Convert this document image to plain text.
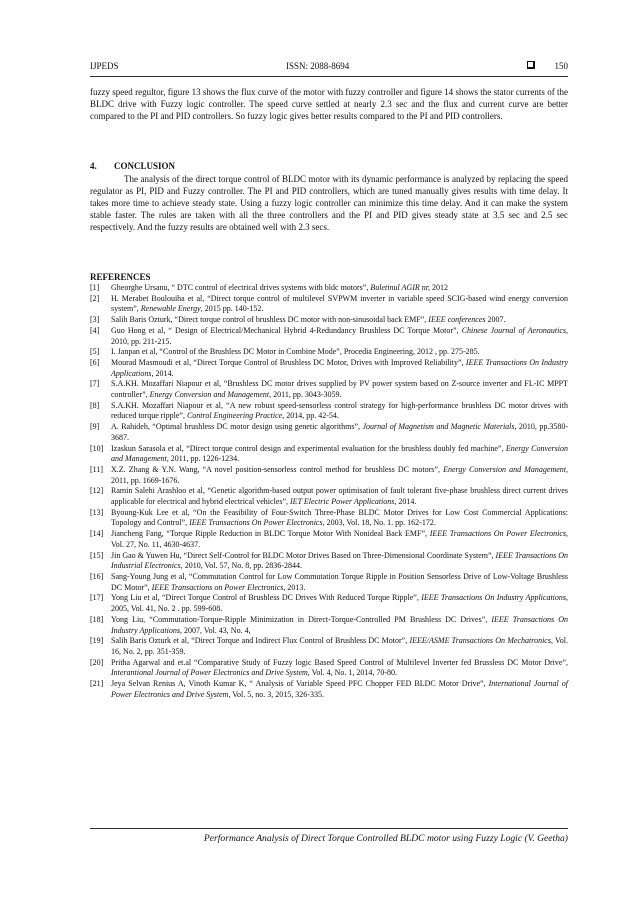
IJPEDS	ISSN: 2088-8694	150

fuzzy speed regultor, figure 13 shows the flux curve of the motor with fuzzy controller and figure 14 shows the stator currents of the BLDC drive with Fuzzy logic controller. The speed curve settled at nearly 2.3 sec and the flux and current curve are better compared to the PI and PID controllers. So fuzzy logic gives better results compared to the PI and PID controllers.

4. CONCLUSION

The analysis of the direct torque control of BLDC motor with its dynamic performance is analyzed by replacing the speed regulator as PI, PID and Fuzzy controller. The PI and PID controllers, which are tuned manually gives results with time delay. It takes more time to achieve steady state. Using a fuzzy logic controller can minimize this time delay. And it can make the system stable faster. The rules are taken with all the three controllers and the PI and PID gives steady state at 3.5 sec and 2.5 sec respectively. And the fuzzy results are obtained well with 2.3 secs.

REFERENCES
[1] Gheorghe Ursanu, “ DTC control of electrical drives systems with bldc motors”, Buletinul AGIR nr, 2012
[2] H. Merabet Boulouiha et al, “Direct torque control of multilevel SVPWM inverter in variable speed SCIG-based wind energy conversion system”, Renewable Energy, 2015 pp. 140-152.
[3] Salih Baris Ozturk, “Direct torque control of brushless DC motor with non-sinusoidal back EMF”, IEEE conferences 2007.
[4] Guo Hong et al, “ Design of Electrical/Mechanical Hybrid 4-Redundancy Brushless DC Torque Motor”, Chinese Journal of Aeronautics, 2010, pp. 211-215.
[5] I. Janpan et al, “Control of the Brushless DC Motor in Combine Mode”, Procedia Engineering, 2012 , pp. 275-285.
[6] Mourad Masmoudi et al, “Direct Torque Control of Brushless DC Motor, Drives with Improved Reliability”, IEEE Transactions On Industry Applications, 2014.
[7] S.A.KH. Mozaffari Niapour et al, “Brushless DC motor drives supplied by PV power system based on Z-source inverter and FL-IC MPPT controller”, Energy Conversion and Management, 2011, pp. 3043-3059.
[8] S.A.KH. Mozaffari Niapour et al, “A new robust speed-sensorless control strategy for high-performance brushless DC motor drives with reduced torque ripple”, Control Engineering Practice, 2014, pp. 42-54.
[9] A. Rahideh, “Optimal brushless DC motor design using genetic algorithms”, Journal of Magnetism and Magnetic Materials, 2010, pp.3580-3687.
[10] Izaskun Sarasola et al, “Direct torque control design and experimental evaluation for the brushless doubly fed machine”, Energy Conversion and Management, 2011, pp. 1226-1234.
[11] X.Z. Zhang & Y.N. Wang, “A novel position-sensorless control method for brushless DC motors”, Energy Conversion and Management, 2011, pp. 1669-1676.
[12] Ramin Salehi Arashloo et al, “Genetic algorithm-based output power optimisation of fault tolerant five-phase brushless direct current drives applicable for electrical and hybrid electrical vehicles”, IET Electric Power Applications, 2014.
[13] Byoung-Kuk Lee et al, “On the Feasibility of Four-Switch Three-Phase BLDC Motor Drives for Low Cost Commercial Applications: Topology and Control”, IEEE Transactions On Power Electronics, 2003, Vol. 18, No. 1. pp. 162-172.
[14] Jiancheng Fang, “Torque Ripple Reduction in BLDC Torque Motor With Nonideal Back EMF”, IEEE Transactions On Power Electronics, Vol. 27, No. 11, 4630-4637.
[15] Jin Gao & Yuwen Hu, “Direct Self-Control for BLDC Motor Drives Based on Three-Dimensional Coordinate System”, IEEE Transactions On Industrial Electronics, 2010, Vol. 57, No. 8, pp. 2836-2844.
[16] Sang-Young Jung et al, “Commutation Control for Low Commutation Torque Ripple in Position Sensorless Drive of Low-Voltage Brushless DC Motor”, IEEE Transactions on Power Electronics, 2013.
[17] Yong Liu et al, “Direct Torque Control of Brushless DC Drives With Reduced Torque Ripple”, IEEE Transactions On Industry Applications, 2005, Vol. 41, No. 2 . pp. 599-608.
[18] Yong Liu, “Commutation-Torque-Ripple Minimization in Direct-Torque-Controlled PM Brushless DC Drives”, IEEE Transactions On Industry Applications, 2007, Vol. 43, No. 4,
[19] Salih Baris Ozturk et al, “Direct Torque and Indirect Flux Control of Brushless DC Motor”, IEEE/ASME Transactions On Mechatronics, Vol. 16, No. 2, pp. 351-359.
[20] Pritha Agarwal and et.al “Comparative Study of Fuzzy logic Based Speed Control of Multilevel Inverter fed Brussless DC Motor Drive”, Interantional Journal of Power Electronics and Drive System, Vol. 4, No. 1, 2014, 70-80.
[21] Jeya Selvan Renius A, Vinoth Kumar K, “ Analysis of Variable Speed PFC Chopper FED BLDC Motor Drive”, International Journal of Power Electronics and Drive System, Vol. 5, no. 3, 2015, 326-335.
Performance Analysis of Direct Torque Controlled BLDC motor using Fuzzy Logic (V. Geetha)
